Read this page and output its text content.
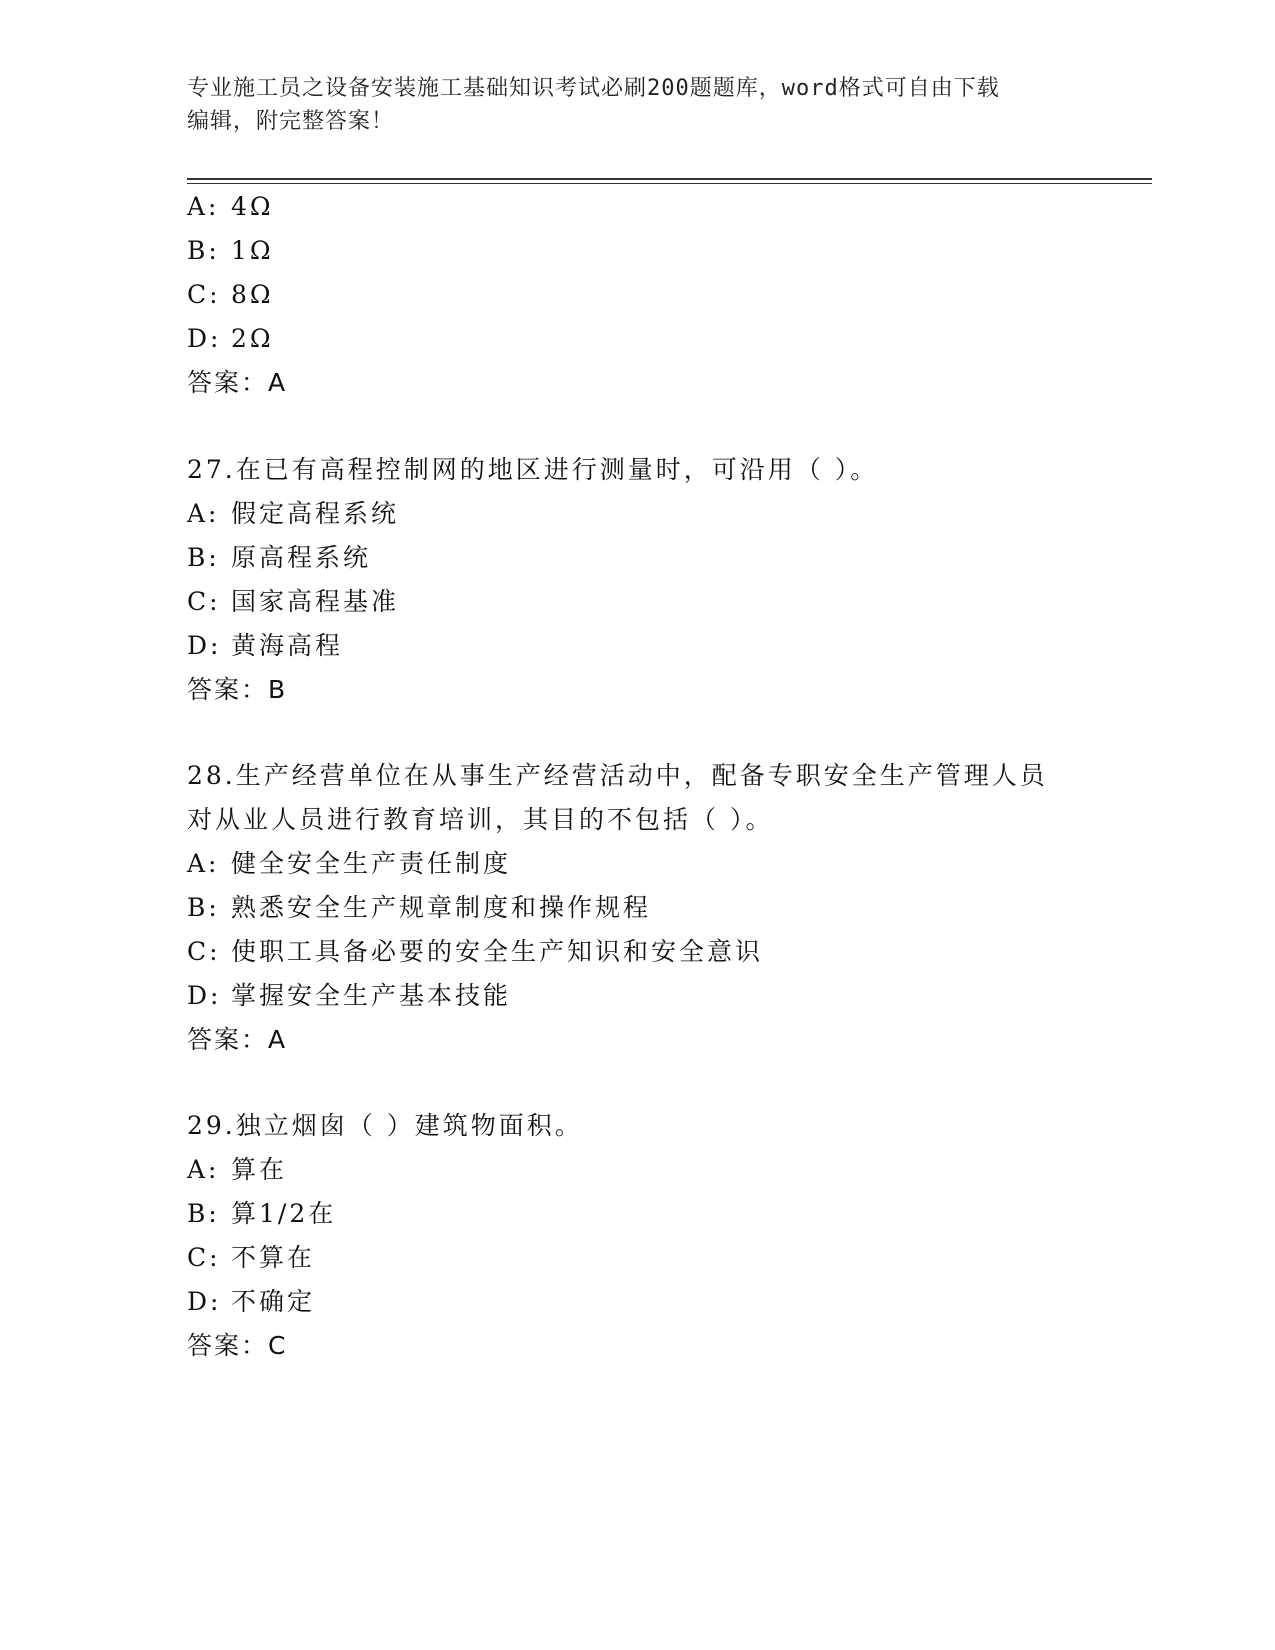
专业施工员之设备安装施工基础知识考试必刷200题题库，word格式可自由下载
编辑，附完整答案！
A: 4Ω
B: 1Ω
C: 8Ω
D: 2Ω
答案：A
27.在已有高程控制网的地区进行测量时，可沿用（ ）。
A: 假定高程系统
B: 原高程系统
C: 国家高程基准
D: 黄海高程
答案：B
28.生产经营单位在从事生产经营活动中，配备专职安全生产管理人员
对从业人员进行教育培训，其目的不包括（ ）。
A: 健全安全生产责任制度
B: 熟悉安全生产规章制度和操作规程
C: 使职工具备必要的安全生产知识和安全意识
D: 掌握安全生产基本技能
答案：A
29.独立烟囱（ ）建筑物面积。
A: 算在
B: 算1/2在
C: 不算在
D: 不确定
答案：C
